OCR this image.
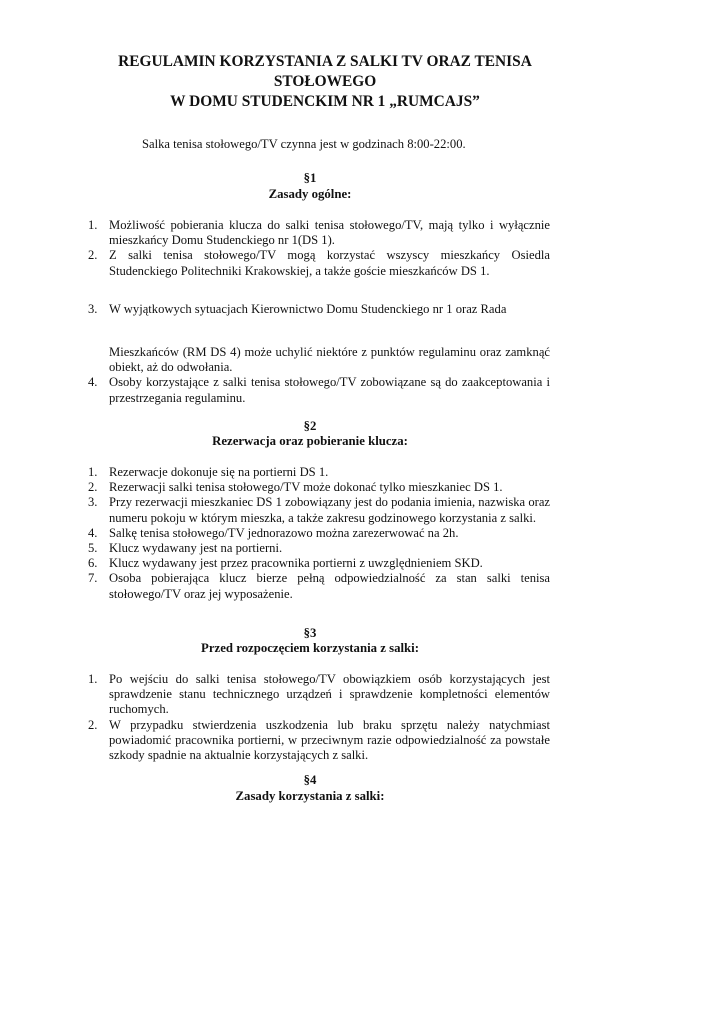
REGULAMIN KORZYSTANIA Z SALKI TV ORAZ TENISA
STOŁOWEGO
W DOMU STUDENCKIM NR 1 „RUMCAJS”
Salka tenisa stołowego/TV czynna jest w godzinach 8:00-22:00.
§1
Zasady ogólne:
1. Możliwość pobierania klucza do salki tenisa stołowego/TV, mają tylko i wyłącznie mieszkańcy Domu Studenckiego nr 1(DS 1).
2. Z salki tenisa stołowego/TV mogą korzystać wszyscy mieszkańcy Osiedla Studenckiego Politechniki Krakowskiej, a także goście mieszkańców DS 1.
3. W wyjątkowych sytuacjach Kierownictwo Domu Studenckiego nr 1 oraz Rada
Mieszkańców (RM DS 4) może uchylić niektóre z punktów regulaminu oraz zamknąć obiekt, aż do odwołania.
4. Osoby korzystające z salki tenisa stołowego/TV zobowiązane są do zaakceptowania i przestrzegania regulaminu.
§2
Rezerwacja oraz pobieranie klucza:
1. Rezerwacje dokonuje się na portierni DS 1.
2. Rezerwacji salki tenisa stołowego/TV może dokonać tylko mieszkaniec DS 1.
3. Przy rezerwacji mieszkaniec DS 1 zobowiązany jest do podania imienia, nazwiska oraz numeru pokoju w którym mieszka, a także zakresu godzinowego korzystania z salki.
4. Salkę tenisa stołowego/TV jednorazowo można zarezerwować na 2h.
5. Klucz wydawany jest na portierni.
6. Klucz wydawany jest przez pracownika portierni z uwzględnieniem SKD.
7. Osoba pobierająca klucz bierze pełną odpowiedzialność za stan salki tenisa stołowego/TV oraz jej wyposażenie.
§3
Przed rozpoczęciem korzystania z salki:
1. Po wejściu do salki tenisa stołowego/TV obowiązkiem osób korzystających jest sprawdzenie stanu technicznego urządzeń i sprawdzenie kompletności elementów ruchomych.
2. W przypadku stwierdzenia uszkodzenia lub braku sprzętu należy natychmiast powiadomić pracownika portierni, w przeciwnym razie odpowiedzialność za powstałe szkody spadnie na aktualnie korzystających z salki.
§4
Zasady korzystania z salki:
